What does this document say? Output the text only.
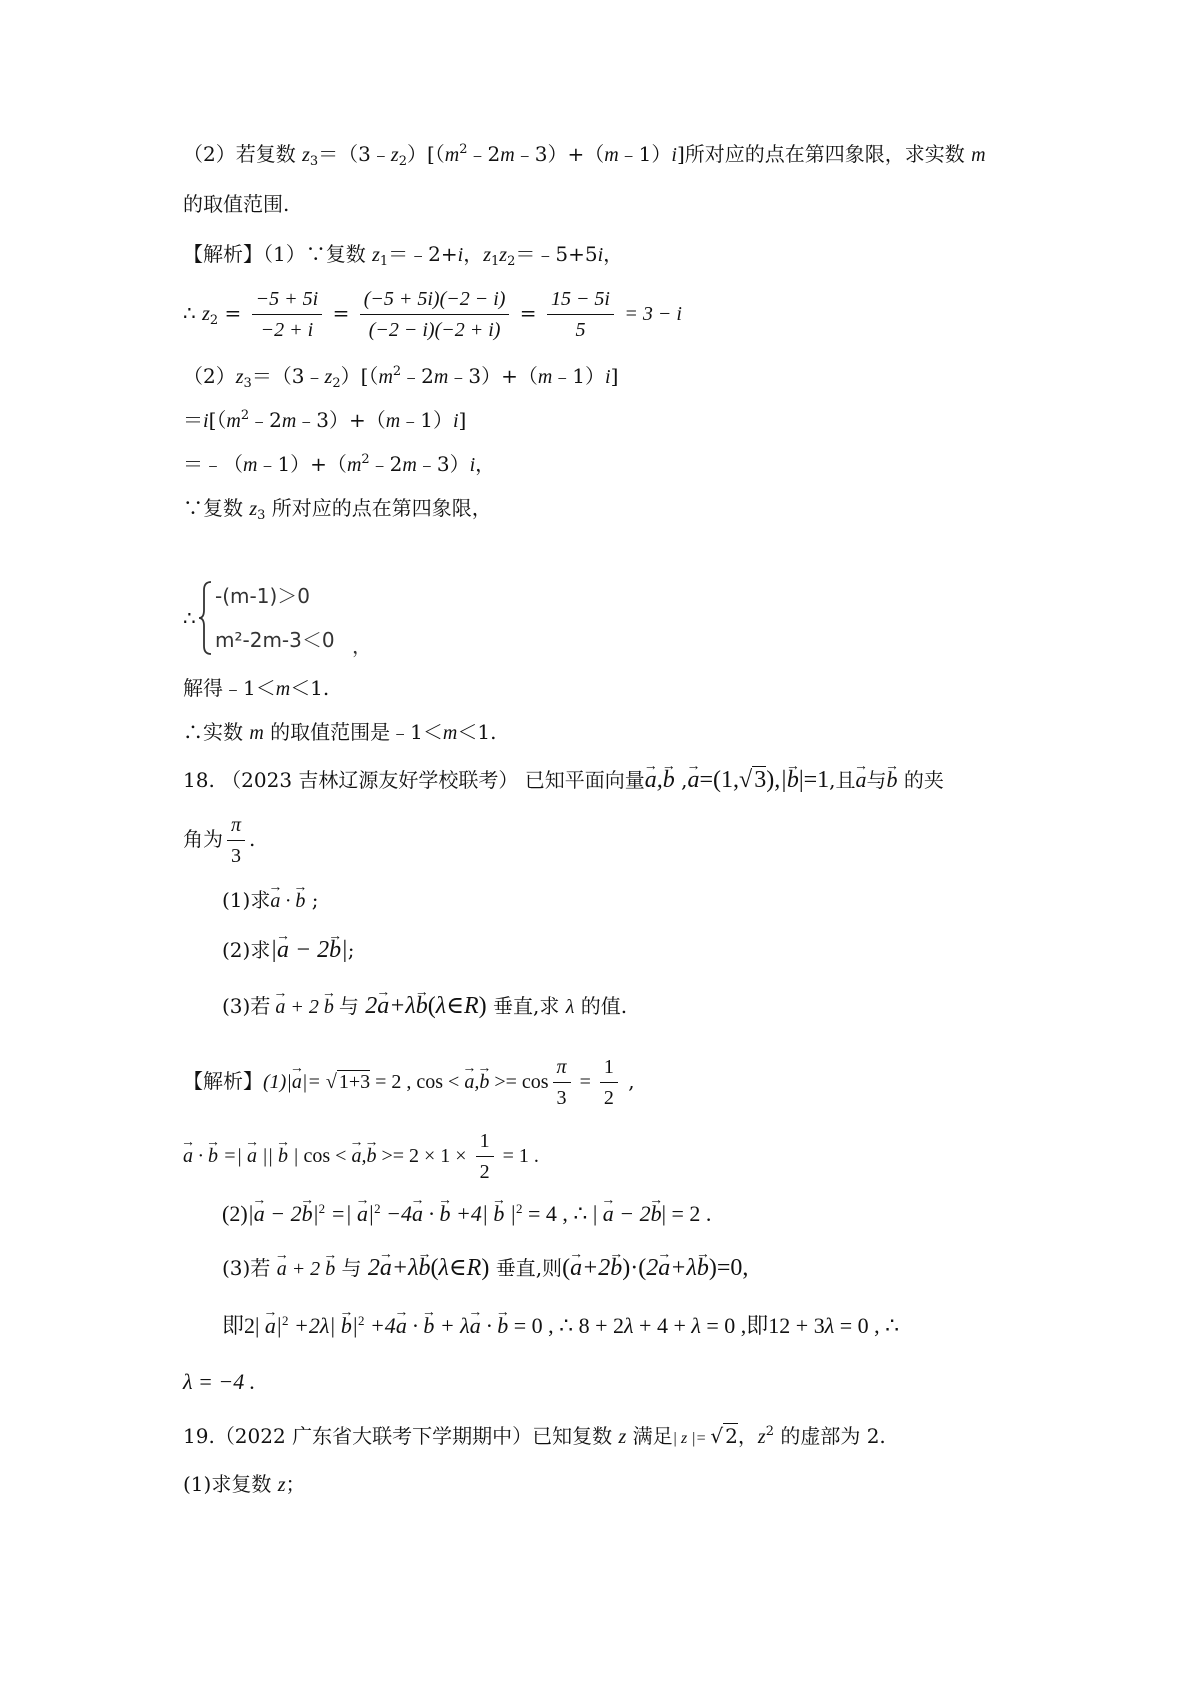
（2）若复数 $z_3=(3﹣z_2)[(m^2﹣2m﹣3)+(m﹣1)i]$所对应的点在第四象限，求实数 m
的取值范围.
【解析】（1）∵复数 $z_1=﹣2+i$，$z_1z_2=﹣5+5i$，
∴ $z_2 = \frac{-5 + 5i}{-2 + i} = \frac{(-5 + 5i)(-2 - i)}{(-2 - i)(-2 + i)} = \frac{15 - 5i}{5} = 3 - i$
$(2)z_3=(3﹣z_2)[(m^2﹣2m﹣3)+(m﹣1)i]$
$=i[(m^2﹣2m﹣3)+(m﹣1)i]$
$=﹣(m﹣1)+(m^2﹣2m﹣3)i$，
∵复数 $z_3$ 所对应的点在第四象限，
∴
-(m-1)＞0
m²-2m-3＜0 ，
解得﹣1＜m＜1.
∴实数 m 的取值范围是﹣1＜m＜1.
18. （2023 吉林辽源友好学校联考） 已知平面向量→ a,→ b ,→ a=(1,√3),|→ b|=1,且→ a与→ b 的夹
角为 $\frac{\pi}{3}$ .
(1)求→ a · → b ;
(2)求|→ a − 2→ b|;
(3)若 → a + 2 → b 与 2→ a+λ→ b(λ∈R) 垂直,求 λ 的值.
【解析】(1)|→ a|= √ 1+3 = 2 , cos < → $a,\to b >= \cos \frac{\pi}{3} = \frac{1}{2}$ ,
→ a · → b =| → a || → b | cos < → $a,\to b >= 2 \times 1 \times \frac{1}{2} = 1$ .
$(2)|\to a - 2\to b|^2$ =| → $a|^2 -4\to a$ · → b +4| → b $|^2 = 4$ , ∴ | → a − 2→ b| = 2 .
(3)若 → a + 2 → b 与 2→ a+λ→ b(λ∈R) 垂直,则(→ a+2→ b)·(2→ a+λ→ b)=0,
即$2| \to a|^2 +2\lambda| \to b|^2 +4\to a$ · → b + λ→ a · → b = 0 , ∴ 8 + 2λ + 4 + λ = 0 ,即12 + 3λ = 0 , ∴
λ = −4 .
19.（2022 广东省大联考下学期期中）已知复数 z 满足| z |= √ 2，$z^2$ 的虚部为 2.
(1)求复数 z；
